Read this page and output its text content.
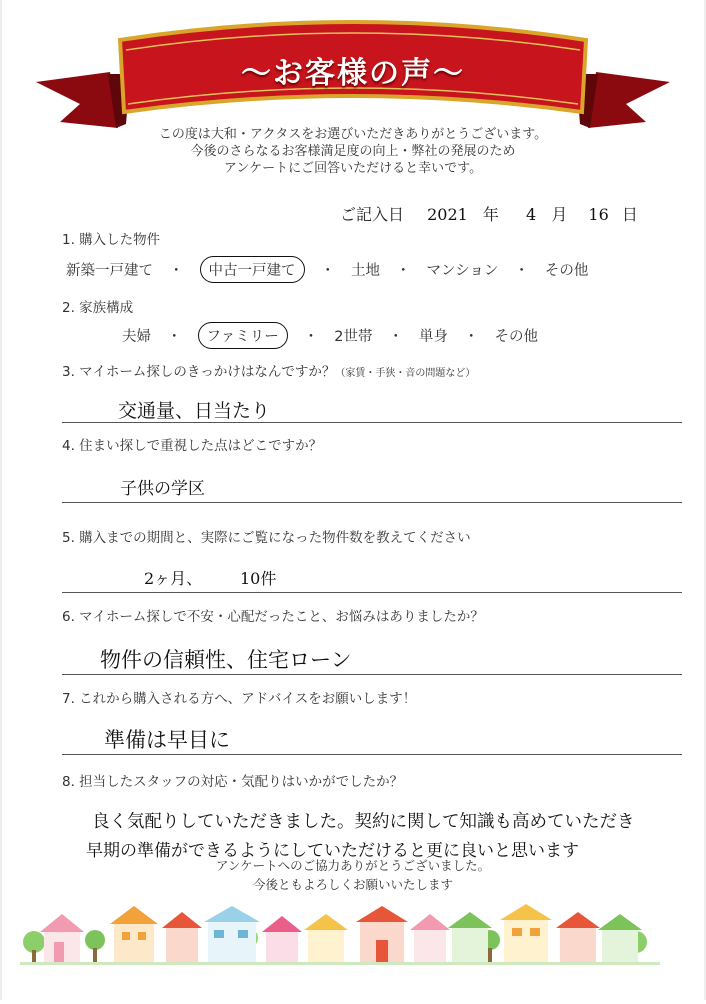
〜お客様の声〜
この度は大和・アクタスをお選びいただきありがとうございます。
今後のさらなるお客様満足度の向上・弊社の発展のため
アンケートにご回答いただけると幸いです。
ご記入日 2021 年 4 月 16 日
1. 購入した物件
新築一戸建て ・ 中古一戸建て ・ 土地 ・ マンション ・ その他
2. 家族構成
夫婦 ・ ファミリー ・ 2世帯 ・ 単身 ・ その他
3. マイホーム探しのきっかけはなんですか？（家賃・手狭・音の問題など）
交通量、日当たり
4. 住まい探しで重視した点はどこですか？
子供の学区
5. 購入までの期間と、実際にご覧になった物件数を教えてください
2ヶ月、 10件
6. マイホーム探しで不安・心配だったこと、お悩みはありましたか？
物件の信頼性、住宅ローン
7. これから購入される方へ、アドバイスをお願いします！
準備は早目に
8. 担当したスタッフの対応・気配りはいかがでしたか？
良く気配りしていただきました。契約に関して知識も高めていただき
早期の準備ができるようにしていただけると更に良いと思います
アンケートへのご協力ありがとうございました。
今後ともよろしくお願いいたします
